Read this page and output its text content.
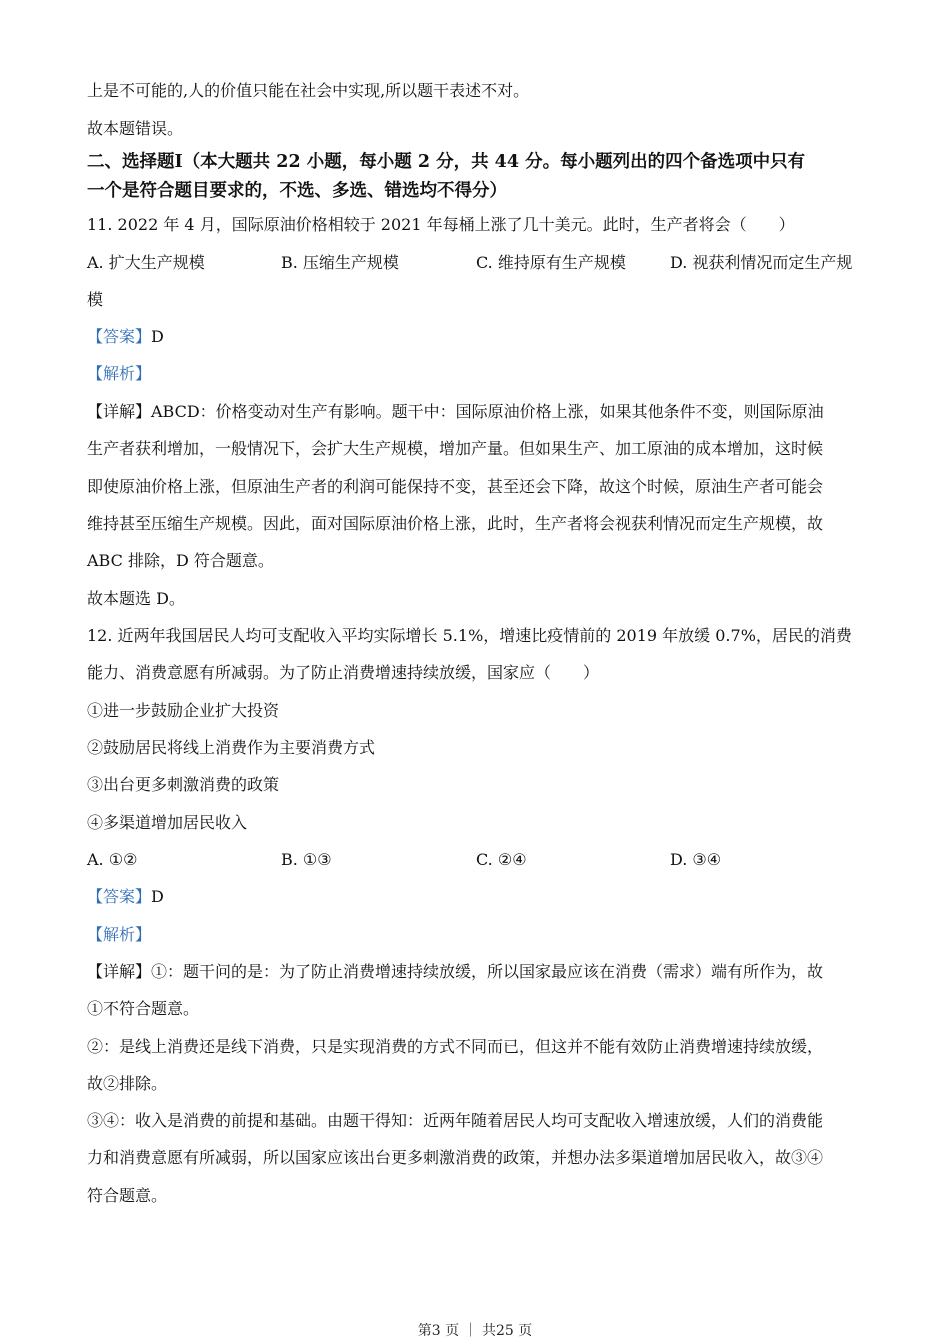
上是不可能的,人的价值只能在社会中实现,所以题干表述不对。
故本题错误。
二、选择题Ⅰ（本大题共 22 小题，每小题 2 分，共 44 分。每小题列出的四个备选项中只有
一个是符合题目要求的，不选、多选、错选均不得分）
11. 2022 年 4 月，国际原油价格相较于 2021 年每桶上涨了几十美元。此时，生产者将会（　　）
A. 扩大生产规模	B. 压缩生产规模	C. 维持原有生产规模	D. 视获利情况而定生产规
模
【答案】D
【解析】
【详解】ABCD：价格变动对生产有影响。题干中：国际原油价格上涨，如果其他条件不变，则国际原油
生产者获利增加，一般情况下，会扩大生产规模，增加产量。但如果生产、加工原油的成本增加，这时候
即使原油价格上涨，但原油生产者的利润可能保持不变，甚至还会下降，故这个时候，原油生产者可能会
维持甚至压缩生产规模。因此，面对国际原油价格上涨，此时，生产者将会视获利情况而定生产规模，故
ABC 排除，D 符合题意。
故本题选 D。
12. 近两年我国居民人均可支配收入平均实际增长 5.1%，增速比疫情前的 2019 年放缓 0.7%，居民的消费
能力、消费意愿有所减弱。为了防止消费增速持续放缓，国家应（　　）
①进一步鼓励企业扩大投资
②鼓励居民将线上消费作为主要消费方式
③出台更多刺激消费的政策
④多渠道增加居民收入
A. ①②	B. ①③	C. ②④	D. ③④
【答案】D
【解析】
【详解】①：题干问的是：为了防止消费增速持续放缓，所以国家最应该在消费（需求）端有所作为，故
①不符合题意。
②：是线上消费还是线下消费，只是实现消费的方式不同而已，但这并不能有效防止消费增速持续放缓，
故②排除。
③④：收入是消费的前提和基础。由题干得知：近两年随着居民人均可支配收入增速放缓，人们的消费能
力和消费意愿有所减弱，所以国家应该出台更多刺激消费的政策，并想办法多渠道增加居民收入，故③④
符合题意。
第3 页 ｜ 共25 页
